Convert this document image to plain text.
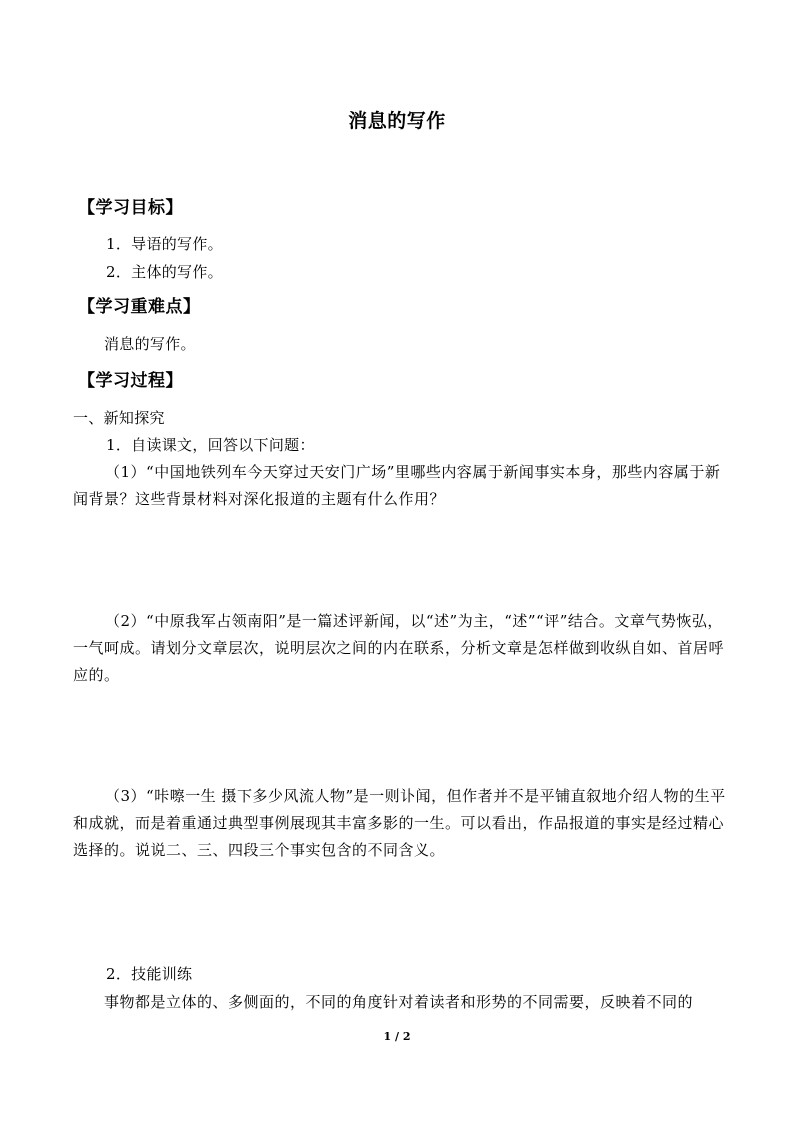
消息的写作
【学习目标】
1．导语的写作。
2．主体的写作。
【学习重难点】
消息的写作。
【学习过程】
一、新知探究
1．自读课文，回答以下问题：
（1）“中国地铁列车今天穿过天安门广场”里哪些内容属于新闻事实本身，那些内容属于新闻背景？这些背景材料对深化报道的主题有什么作用？
（2）“中原我军占领南阳”是一篇述评新闻，以“述”为主，“述”“评”结合。文章气势恢弘，一气呵成。请划分文章层次，说明层次之间的内在联系，分析文章是怎样做到收纵自如、首居呼应的。
（3）“咔嚓一生 摄下多少风流人物”是一则讣闻，但作者并不是平铺直叙地介绍人物的生平和成就，而是着重通过典型事例展现其丰富多影的一生。可以看出，作品报道的事实是经过精心选择的。说说二、三、四段三个事实包含的不同含义。
2．技能训练
事物都是立体的、多侧面的，不同的角度针对着读者和形势的不同需要，反映着不同的
1 / 2
